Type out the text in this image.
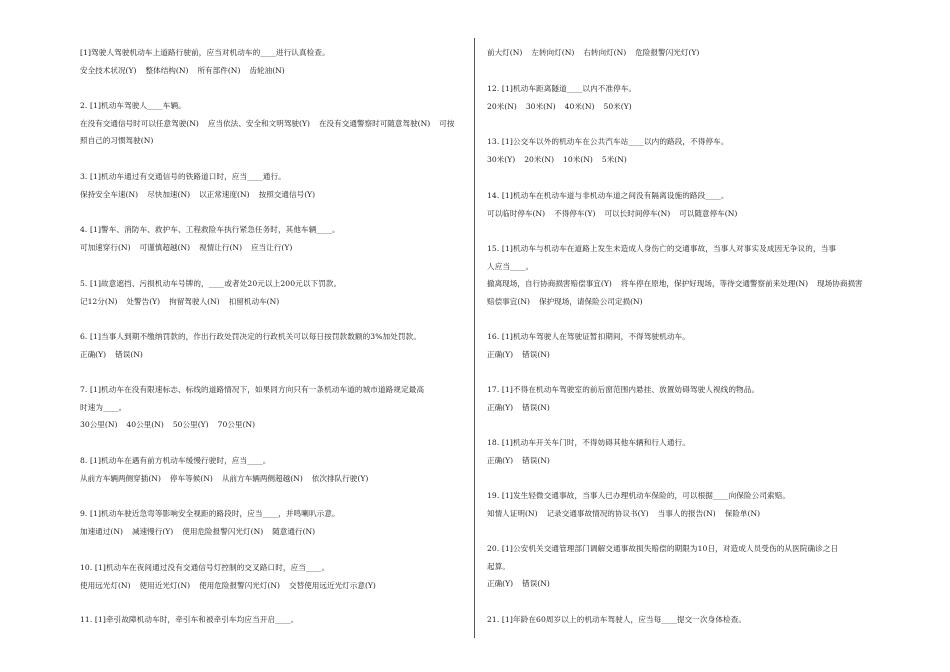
[1]驾驶人驾驶机动车上道路行驶前，应当对机动车的____进行认真检查。
安全技术状况(Y) 整体结构(N) 所有部件(N) 齿轮油(N)
2. [1]机动车驾驶人____车辆。
在没有交通信号时可以任意驾驶(N) 应当依法、安全和文明驾驶(Y) 在没有交通警察时可随意驾驶(N) 可按照自己的习惯驾驶(N)
3. [1]机动车通过有交通信号的铁路道口时，应当____通行。
保持安全车速(N) 尽快加速(N) 以正常速度(N) 按照交通信号(Y)
4. [1]警车、消防车、救护车、工程救险车执行紧急任务时，其他车辆____。
可加速穿行(N) 可谨慎超越(N) 视情让行(N) 应当让行(Y)
5. [1]故意遮挡、污损机动车号牌的，____或者处20元以上200元以下罚款。
记12分(N) 处警告(Y) 拘留驾驶人(N) 扣留机动车(N)
6. [1]当事人到期不缴纳罚款的，作出行政处罚决定的行政机关可以每日按罚款数额的3%加处罚款。
正确(Y) 错误(N)
7. [1]机动车在没有限速标志、标线的道路情况下，如果同方向只有一条机动车道的城市道路规定最高
时速为____。
30公里(N) 40公里(N) 50公里(Y) 70公里(N)
8. [1]机动车在遇有前方机动车缓慢行驶时，应当____。
从前方车辆两侧穿插(N) 停车等候(N) 从前方车辆两侧超越(N) 依次排队行驶(Y)
9. [1]机动车驶近急弯等影响安全视距的路段时，应当____，并鸣喇叭示意。
加速通过(N) 减速慢行(Y) 使用危险报警闪光灯(N) 随意通行(N)
10. [1]机动车在夜间通过没有交通信号灯控制的交叉路口时，应当____。
使用远光灯(N) 使用近光灯(N) 使用危险报警闪光灯(N) 交替使用远近光灯示意(Y)
11. [1]牵引故障机动车时，牵引车和被牵引车均应当开启____。
前大灯(N) 左转向灯(N) 右转向灯(N) 危险报警闪光灯(Y)
12. [1]机动车距离隧道____以内不准停车。
20米(N) 30米(N) 40米(N) 50米(Y)
13. [1]公交车以外的机动车在公共汽车站____以内的路段，不得停车。
30米(Y) 20米(N) 10米(N) 5米(N)
14. [1]机动车在机动车道与非机动车道之间没有隔离设施的路段____。
可以临时停车(N) 不得停车(Y) 可以长时间停车(N) 可以随意停车(N)
15. [1]机动车与机动车在道路上发生未造成人身伤亡的交通事故，当事人对事实及成因无争议的，当事
人应当____。
撤离现场，自行协商损害赔偿事宜(Y) 将车停在原地，保护好现场，等待交通警察前来处理(N) 现场协商损害赔偿事宜(N) 保护现场，请保险公司定损(N)
16. [1]机动车驾驶人在驾驶证暂扣期间，不得驾驶机动车。
正确(Y) 错误(N)
17. [1]不得在机动车驾驶室的前后窗范围内悬挂、放置妨碍驾驶人视线的物品。
正确(Y) 错误(N)
18. [1]机动车开关车门时，不得妨碍其他车辆和行人通行。
正确(Y) 错误(N)
19. [1]发生轻微交通事故，当事人已办理机动车保险的，可以根据____向保险公司索赔。
知情人证明(N) 记录交通事故情况的协议书(Y) 当事人的报告(N) 保险单(N)
20. [1]公安机关交通管理部门调解交通事故损失赔偿的期限为10日，对造成人员受伤的从医院确诊之日
起算。
正确(Y) 错误(N)
21. [1]年龄在60周岁以上的机动车驾驶人，应当每____提交一次身体检查。
